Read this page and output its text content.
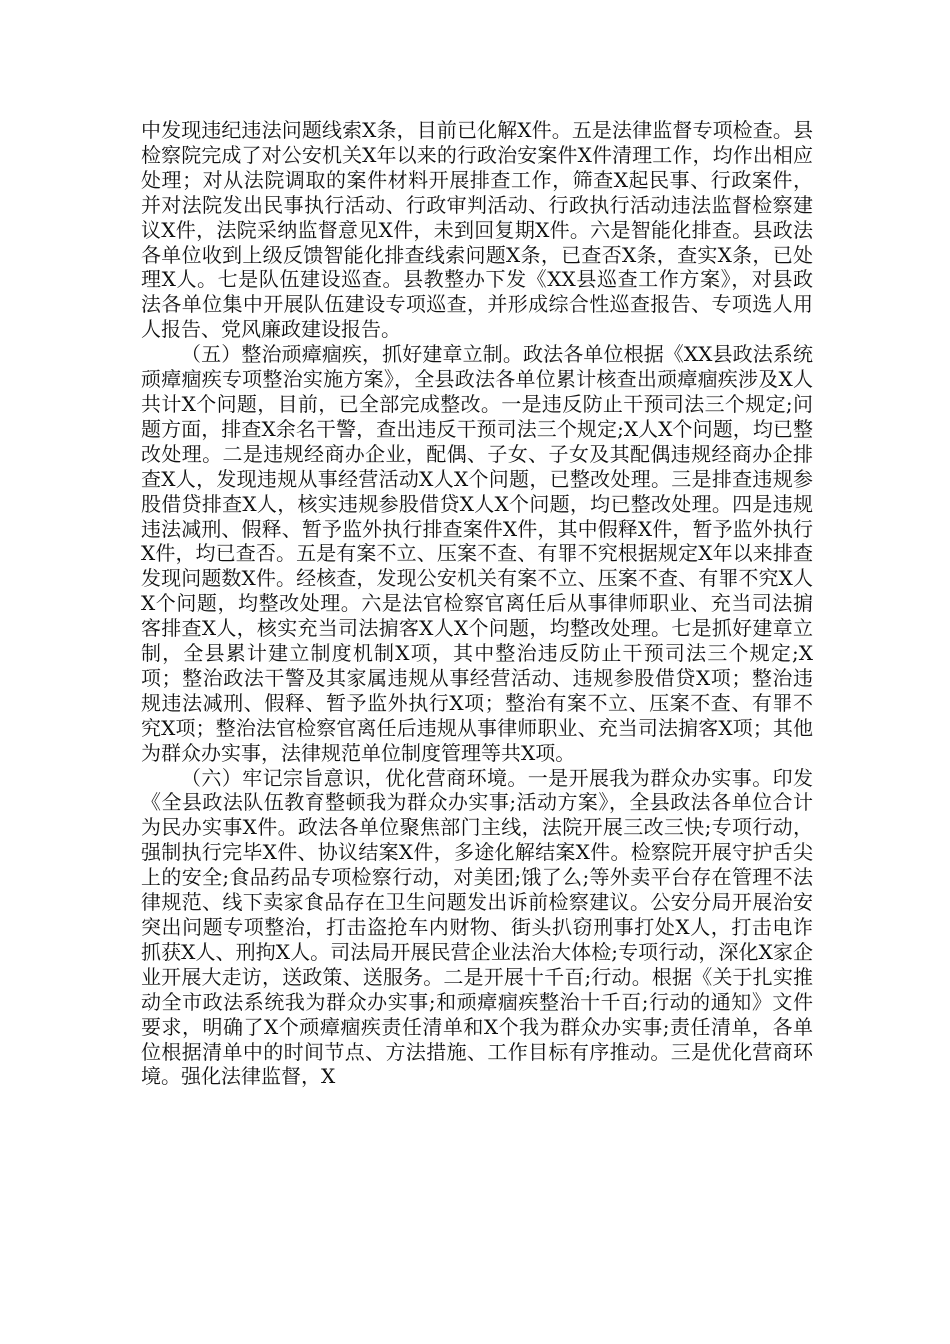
中发现违纪违法问题线索X条，目前已化解X件。五是法律监督专项检查。县检察院完成了对公安机关X年以来的行政治安案件X件清理工作，均作出相应处理；对从法院调取的案件材料开展排查工作，筛查X起民事、行政案件，并对法院发出民事执行活动、行政审判活动、行政执行活动违法监督检察建议X件，法院采纳监督意见X件，未到回复期X件。六是智能化排查。县政法各单位收到上级反馈智能化排查线索问题X条，已查否X条，查实X条，已处理X人。七是队伍建设巡查。县教整办下发《XX县巡查工作方案》，对县政法各单位集中开展队伍建设专项巡查，并形成综合性巡查报告、专项选人用人报告、党风廉政建设报告。

（五）整治顽瘴痼疾，抓好建章立制。政法各单位根据《XX县政法系统顽瘴痼疾专项整治实施方案》，全县政法各单位累计核查出顽瘴痼疾涉及X人共计X个问题，目前，已全部完成整改。一是违反防止干预司法三个规定;问题方面，排查X余名干警，查出违反干预司法三个规定;X人X个问题，均已整改处理。二是违规经商办企业，配偶、子女、子女及其配偶违规经商办企排查X人，发现违规从事经营活动X人X个问题，已整改处理。三是排查违规参股借贷排查X人，核实违规参股借贷X人X个问题，均已整改处理。四是违规违法减刑、假释、暂予监外执行排查案件X件，其中假释X件，暂予监外执行X件，均已查否。五是有案不立、压案不查、有罪不究根据规定X年以来排查发现问题数X件。经核查，发现公安机关有案不立、压案不查、有罪不究X人X个问题，均整改处理。六是法官检察官离任后从事律师职业、充当司法掮客排查X人，核实充当司法掮客X人X个问题，均整改处理。七是抓好建章立制，全县累计建立制度机制X项，其中整治违反防止干预司法三个规定;X项；整治政法干警及其家属违规从事经营活动、违规参股借贷X项；整治违规违法减刑、假释、暂予监外执行X项；整治有案不立、压案不查、有罪不究X项；整治法官检察官离任后违规从事律师职业、充当司法掮客X项；其他为群众办实事，法律规范单位制度管理等共X项。

（六）牢记宗旨意识，优化营商环境。一是开展我为群众办实事。印发《全县政法队伍教育整顿我为群众办实事;活动方案》，全县政法各单位合计为民办实事X件。政法各单位聚焦部门主线，法院开展三改三快;专项行动，强制执行完毕X件、协议结案X件，多途化解结案X件。检察院开展守护舌尖上的安全;食品药品专项检察行动，对美团;饿了么;等外卖平台存在管理不法律规范、线下卖家食品存在卫生问题发出诉前检察建议。公安分局开展治安突出问题专项整治，打击盗抢车内财物、街头扒窃刑事打处X人，打击电诈抓获X人、刑拘X人。司法局开展民营企业法治大体检;专项行动，深化X家企业开展大走访，送政策、送服务。二是开展十千百;行动。根据《关于扎实推动全市政法系统我为群众办实事;和顽瘴痼疾整治十千百;行动的通知》文件要求，明确了X个顽瘴痼疾责任清单和X个我为群众办实事;责任清单，各单位根据清单中的时间节点、方法措施、工作目标有序推动。三是优化营商环境。强化法律监督，X
